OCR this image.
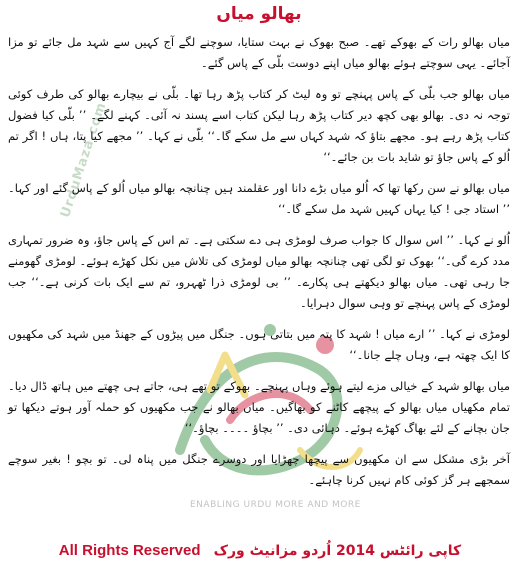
UrduMaza.com
ENABLING URDU MORE AND MORE
بھالو میاں

میاں بھالو رات کے بھوکے تھے۔ صبح بھوک نے بہت ستایا، سوچنے لگے آج کہیں سے شہد مل جائے تو مزا آجائے۔ یہی سوچتے ہوئے بھالو میاں اپنے دوست بلّی کے پاس گئے۔

میاں بھالو جب بلّی کے پاس پہنچے تو وہ لیٹ کر کتاب پڑھ رہا تھا۔ بلّی نے بیچارے بھالو کی طرف کوئی توجہ نہ دی۔ بھالو بھی کچھ دیر کتاب پڑھ رہا لیکن کتاب اسے پسند نہ آئی۔ کہنے لگے۔ ’’ بلّی کیا فضول کتاب پڑھ رہے ہو۔ مجھے بتاؤ کہ شہد کہاں سے مل سکے گا۔‘‘ بلّی نے کہا۔ ’’ مجھے کیا پتا، ہاں ! اگر تم اُلو کے پاس جاؤ تو شاید بات بن جائے۔‘‘

میاں بھالو نے سن رکھا تھا کہ اُلو میاں بڑے دانا اور عقلمند ہیں چنانچہ بھالو میاں اُلو کے پاس گئے اور کہا۔ ’’ استاد جی ! کیا یہاں کہیں شہد مل سکے گا۔‘‘

اُلو نے کہا۔ ’’ اس سوال کا جواب صرف لومڑی ہی دے سکتی ہے۔ تم اس کے پاس جاؤ، وہ ضرور تمہاری مدد کرے گی۔‘‘ بھوک تو لگی تھی چنانچہ بھالو میاں لومڑی کی تلاش میں نکل کھڑے ہوئے۔ لومڑی گھومنے جا رہی تھی۔ میاں بھالو دیکھتے ہی پکارے۔ ’’ بی لومڑی ذرا ٹھہرو، تم سے ایک بات کرنی ہے۔‘‘ جب لومڑی کے پاس پہنچے تو وہی سوال دہرایا۔

لومڑی نے کہا۔ ’’ ارے میاں ! شہد کا پتہ میں بتاتی ہوں۔ جنگل میں پیڑوں کے جھنڈ میں شہد کی مکھیوں کا ایک چھتہ ہے، وہاں چلے جانا۔‘‘

میاں بھالو شہد کے خیالی مزے لیتے ہوئے وہاں پہنچے۔ بھوکے تو تھے ہی، جاتے ہی چھتے میں ہاتھ ڈال دیا۔ تمام مکھیاں میاں بھالو کے پیچھے کاٹنے کو بھاگیں۔ میاں بھالو نے جب مکھیوں کو حملہ آور ہوتے دیکھا تو جان بچانے کے لئے بھاگ کھڑے ہوئے۔ دہائی دی۔ ’’ بچاؤ ۔۔۔۔ بچاؤ۔‘‘

آخر بڑی مشکل سے ان مکھیوں سے پیچھا چھڑایا اور دوسرے جنگل میں پناہ لی۔ تو بچو ! بغیر سوچے سمجھے ہر گز کوئی کام نہیں کرنا چاہئے۔

All Rights Reserved کاپی رائٹس 2014 اُردو مزانیٹ ورک
